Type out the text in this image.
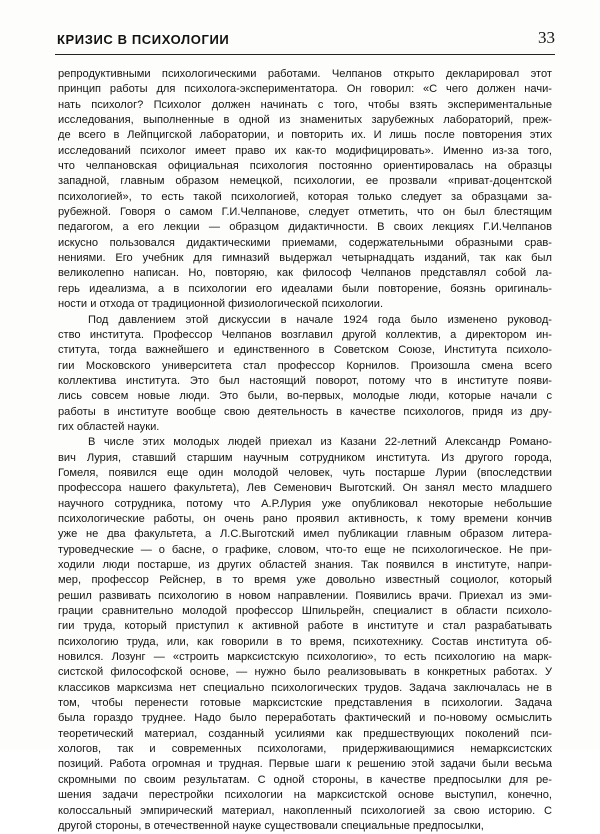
КРИЗИС В ПСИХОЛОГИИ	33
репродуктивными психологическими работами. Челпанов открыто декларировал этот
принцип работы для психолога-экспериментатора. Он говорил: «С чего должен начи-
нать психолог? Психолог должен начинать с того, чтобы взять экспериментальные
исследования, выполненные в одной из знаменитых зарубежных лабораторий, преж-
де всего в Лейпцигской лаборатории, и повторить их. И лишь после повторения этих
исследований психолог имеет право их как-то модифицировать». Именно из-за того,
что челпановская официальная психология постоянно ориентировалась на образцы
западной, главным образом немецкой, психологии, ее прозвали «приват-доцентской
психологией», то есть такой психологией, которая только следует за образцами за-
рубежной. Говоря о самом Г.И.Челпанове, следует отметить, что он был блестящим
педагогом, а его лекции — образцом дидактичности. В своих лекциях Г.И.Челпанов
искусно пользовался дидактическими приемами, содержательными образными срав-
нениями. Его учебник для гимназий выдержал четырнадцать изданий, так как был
великолепно написан. Но, повторяю, как философ Челпанов представлял собой ла-
герь идеализма, а в психологии его идеалами были повторение, боязнь оригиналь-
ности и отхода от традиционной физиологической психологии.
Под давлением этой дискуссии в начале 1924 года было изменено руковод-
ство института. Профессор Челпанов возглавил другой коллектив, а директором ин-
ститута, тогда важнейшего и единственного в Советском Союзе, Института психоло-
гии Московского университета стал профессор Корнилов. Произошла смена всего
коллектива института. Это был настоящий поворот, потому что в институте появи-
лись совсем новые люди. Это были, во-первых, молодые люди, которые начали с
работы в институте вообще свою деятельность в качестве психологов, придя из дру-
гих областей науки.
В числе этих молодых людей приехал из Казани 22-летний Александр Романо-
вич Лурия, ставший старшим научным сотрудником института. Из другого города,
Гомеля, появился еще один молодой человек, чуть постарше Лурии (впоследствии
профессора нашего факультета), Лев Семенович Выготский. Он занял место младшего
научного сотрудника, потому что А.Р.Лурия уже опубликовал некоторые небольшие
психологические работы, он очень рано проявил активность, к тому времени кончив
уже не два факультета, а Л.С.Выготский имел публикации главным образом литера-
туроведческие — о басне, о графике, словом, что-то еще не психологическое. Не при-
ходили люди постарше, из других областей знания. Так появился в институте, напри-
мер, профессор Рейснер, в то время уже довольно известный социолог, который
решил развивать психологию в новом направлении. Появились врачи. Приехал из эми-
грации сравнительно молодой профессор Шпильрейн, специалист в области психоло-
гии труда, который приступил к активной работе в институте и стал разрабатывать
психологию труда, или, как говорили в то время, психотехнику. Состав института об-
новился. Лозунг — «строить марксистскую психологию», то есть психологию на марк-
систской философской основе, — нужно было реализовывать в конкретных работах. У
классиков марксизма нет специально психологических трудов. Задача заключалась не в
том, чтобы перенести готовые марксистские представления в психологии. Задача
была гораздо труднее. Надо было переработать фактический и по-новому осмыслить
теоретический материал, созданный усилиями как предшествующих поколений пси-
хологов, так и современных психологами, придерживающимися немарксистских
позиций. Работа огромная и трудная. Первые шаги к решению этой задачи были весьма
скромными по своим результатам. С одной стороны, в качестве предпосылки для ре-
шения задачи перестройки психологии на марксистской основе выступил, конечно,
колоссальный эмпирический материал, накопленный психологией за свою историю. С
другой стороны, в отечественной науке существовали специальные предпосылки,
